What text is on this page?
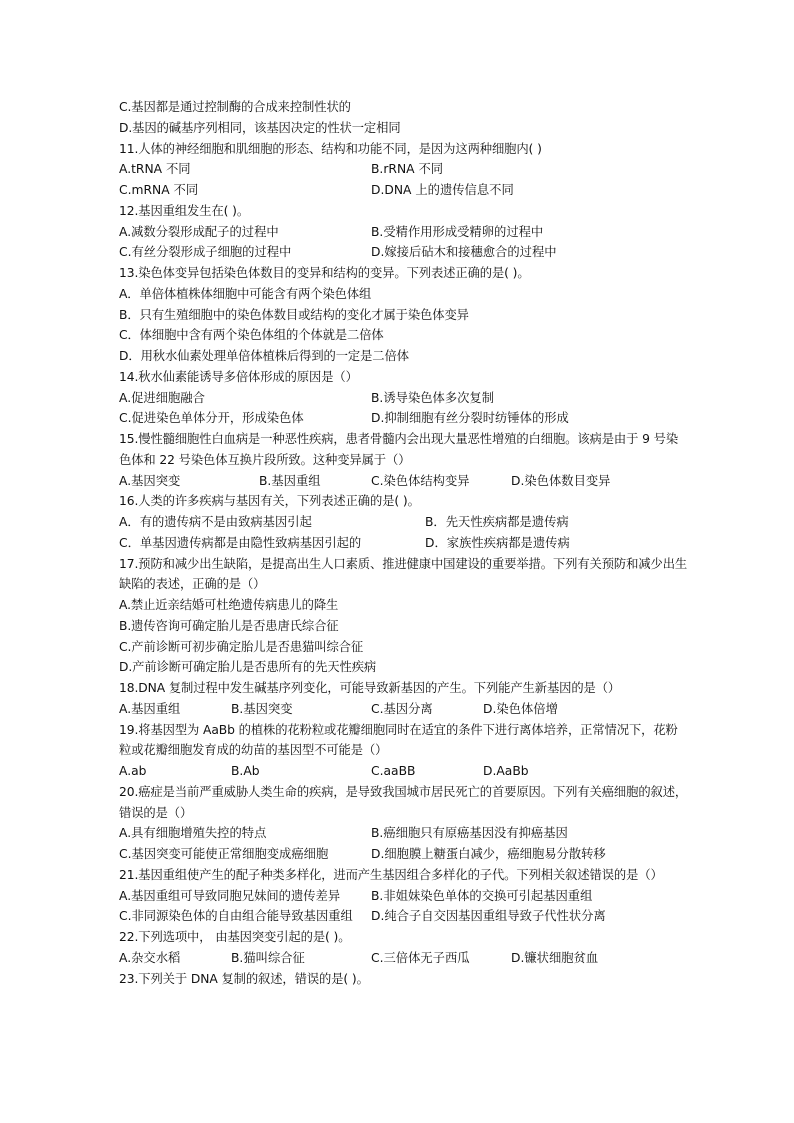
C.基因都是通过控制酶的合成来控制性状的
D.基因的碱基序列相同，该基因决定的性状一定相同
11.人体的神经细胞和肌细胞的形态、结构和功能不同，是因为这两种细胞内( )
A.tRNA 不同	B.rRNA 不同
C.mRNA 不同	D.DNA 上的遗传信息不同
12.基因重组发生在( )。
A.减数分裂形成配子的过程中	B.受精作用形成受精卵的过程中
C.有丝分裂形成子细胞的过程中	D.嫁接后砧木和接穗愈合的过程中
13.染色体变异包括染色体数目的变异和结构的变异。下列表述正确的是( )。
A．单倍体植株体细胞中可能含有两个染色体组
B．只有生殖细胞中的染色体数目或结构的变化才属于染色体变异
C．体细胞中含有两个染色体组的个体就是二倍体
D．用秋水仙素处理单倍体植株后得到的一定是二倍体
14.秋水仙素能诱导多倍体形成的原因是（）
A.促进细胞融合	B.诱导染色体多次复制
C.促进染色单体分开，形成染色体	D.抑制细胞有丝分裂时纺锤体的形成
15.慢性髓细胞性白血病是一种恶性疾病，患者骨髓内会出现大量恶性增殖的白细胞。该病是由于 9 号染色体和 22 号染色体互换片段所致。这种变异属于（）
A.基因突变	B.基因重组	C.染色体结构变异	D.染色体数目变异
16.人类的许多疾病与基因有关，下列表述正确的是( )。
A．有的遗传病不是由致病基因引起	B．先天性疾病都是遗传病
C．单基因遗传病都是由隐性致病基因引起的	D．家族性疾病都是遗传病
17.预防和减少出生缺陷，是提高出生人口素质、推进健康中国建设的重要举措。下列有关预防和减少出生缺陷的表述，正确的是（）
A.禁止近亲结婚可杜绝遗传病患儿的降生
B.遗传咨询可确定胎儿是否患唐氏综合征
C.产前诊断可初步确定胎儿是否患猫叫综合征
D.产前诊断可确定胎儿是否患所有的先天性疾病
18.DNA 复制过程中发生碱基序列变化，可能导致新基因的产生。下列能产生新基因的是（）
A.基因重组	B.基因突变	C.基因分离	D.染色体倍增
19.将基因型为 AaBb 的植株的花粉粒或花瓣细胞同时在适宜的条件下进行离体培养，正常情况下，花粉粒或花瓣细胞发育成的幼苗的基因型不可能是（）
A.ab	B.Ab	C.aaBB	D.AaBb
20.癌症是当前严重威胁人类生命的疾病，是导致我国城市居民死亡的首要原因。下列有关癌细胞的叙述，错误的是（）
A.具有细胞增殖失控的特点	B.癌细胞只有原癌基因没有抑癌基因
C.基因突变可能使正常细胞变成癌细胞	D.细胞膜上糖蛋白减少，癌细胞易分散转移
21.基因重组使产生的配子种类多样化，进而产生基因组合多样化的子代。下列相关叙述错误的是（）
A.基因重组可导致同胞兄妹间的遗传差异	B.非姐妹染色单体的交换可引起基因重组
C.非同源染色体的自由组合能导致基因重组	D.纯合子自交因基因重组导致子代性状分离
22.下列选项中， 由基因突变引起的是( )。
A.杂交水稻	B.猫叫综合征	C.三倍体无子西瓜	D.镰状细胞贫血
23.下列关于 DNA 复制的叙述，错误的是( )。
